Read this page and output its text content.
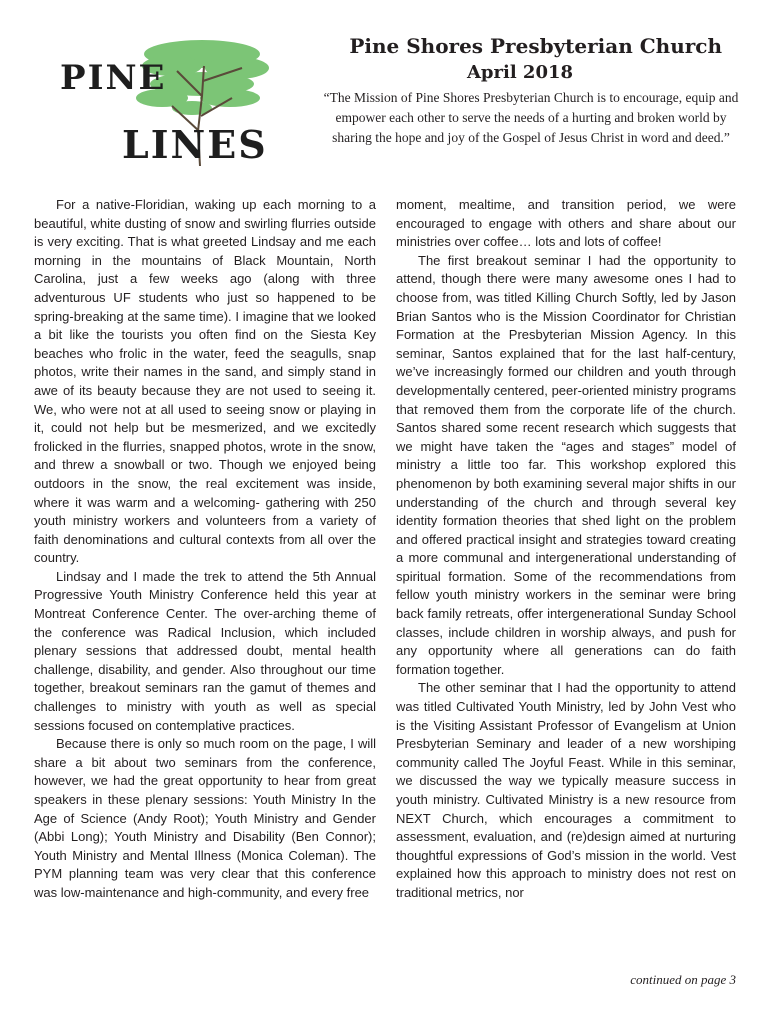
PINE
LINES
Pine Shores Presbyterian Church
April 2018
“The Mission of Pine Shores Presbyterian Church is to encourage, equip and empower each other to serve the needs of a hurting and broken world by sharing the hope and joy of the Gospel of Jesus Christ in word and deed.”

For a native-Floridian, waking up each morning to a beautiful, white dusting of snow and swirling flurries outside is very exciting. That is what greeted Lindsay and me each morning in the mountains of Black Mountain, North Carolina, just a few weeks ago (along with three adventurous UF students who just so happened to be spring-breaking at the same time). I imagine that we looked a bit like the tourists you often find on the Siesta Key beaches who frolic in the water, feed the seagulls, snap photos, write their names in the sand, and simply stand in awe of its beauty because they are not used to seeing it. We, who were not at all used to seeing snow or playing in it, could not help but be mesmerized, and we excitedly frolicked in the flurries, snapped photos, wrote in the snow, and threw a snowball or two. Though we enjoyed being outdoors in the snow, the real excitement was inside, where it was warm and a welcoming- gathering with 250 youth ministry workers and volunteers from a variety of faith denominations and cultural contexts from all over the country.

Lindsay and I made the trek to attend the 5th Annual Progressive Youth Ministry Conference held this year at Montreat Conference Center. The over-arching theme of the conference was Radical Inclusion, which included plenary sessions that addressed doubt, mental health challenge, disability, and gender. Also throughout our time together, breakout seminars ran the gamut of themes and challenges to ministry with youth as well as special sessions focused on contemplative practices.

Because there is only so much room on the page, I will share a bit about two seminars from the conference, however, we had the great opportunity to hear from great speakers in these plenary sessions: Youth Ministry In the Age of Science (Andy Root); Youth Ministry and Gender (Abbi Long); Youth Ministry and Disability (Ben Connor); Youth Ministry and Mental Illness (Monica Coleman). The PYM planning team was very clear that this conference was low-maintenance and high-community, and every free

moment, mealtime, and transition period, we were encouraged to engage with others and share about our ministries over coffee… lots and lots of coffee!

The first breakout seminar I had the opportunity to attend, though there were many awesome ones I had to choose from, was titled Killing Church Softly, led by Jason Brian Santos who is the Mission Coordinator for Christian Formation at the Presbyterian Mission Agency. In this seminar, Santos explained that for the last half-century, we’ve increasingly formed our children and youth through developmentally centered, peer-oriented ministry programs that removed them from the corporate life of the church. Santos shared some recent research which suggests that we might have taken the “ages and stages” model of ministry a little too far. This workshop explored this phenomenon by both examining several major shifts in our understanding of the church and through several key identity formation theories that shed light on the problem and offered practical insight and strategies toward creating a more communal and intergenerational understanding of spiritual formation. Some of the recommendations from fellow youth ministry workers in the seminar were bring back family retreats, offer intergenerational Sunday School classes, include children in worship always, and push for any opportunity where all generations can do faith formation together.

The other seminar that I had the opportunity to attend was titled Cultivated Youth Ministry, led by John Vest who is the Visiting Assistant Professor of Evangelism at Union Presbyterian Seminary and leader of a new worshiping community called The Joyful Feast. While in this seminar, we discussed the way we typically measure success in youth ministry. Cultivated Ministry is a new resource from NEXT Church, which encourages a commitment to assessment, evaluation, and (re)design aimed at nurturing thoughtful expressions of God’s mission in the world. Vest explained how this approach to ministry does not rest on traditional metrics, nor

continued on page 3
